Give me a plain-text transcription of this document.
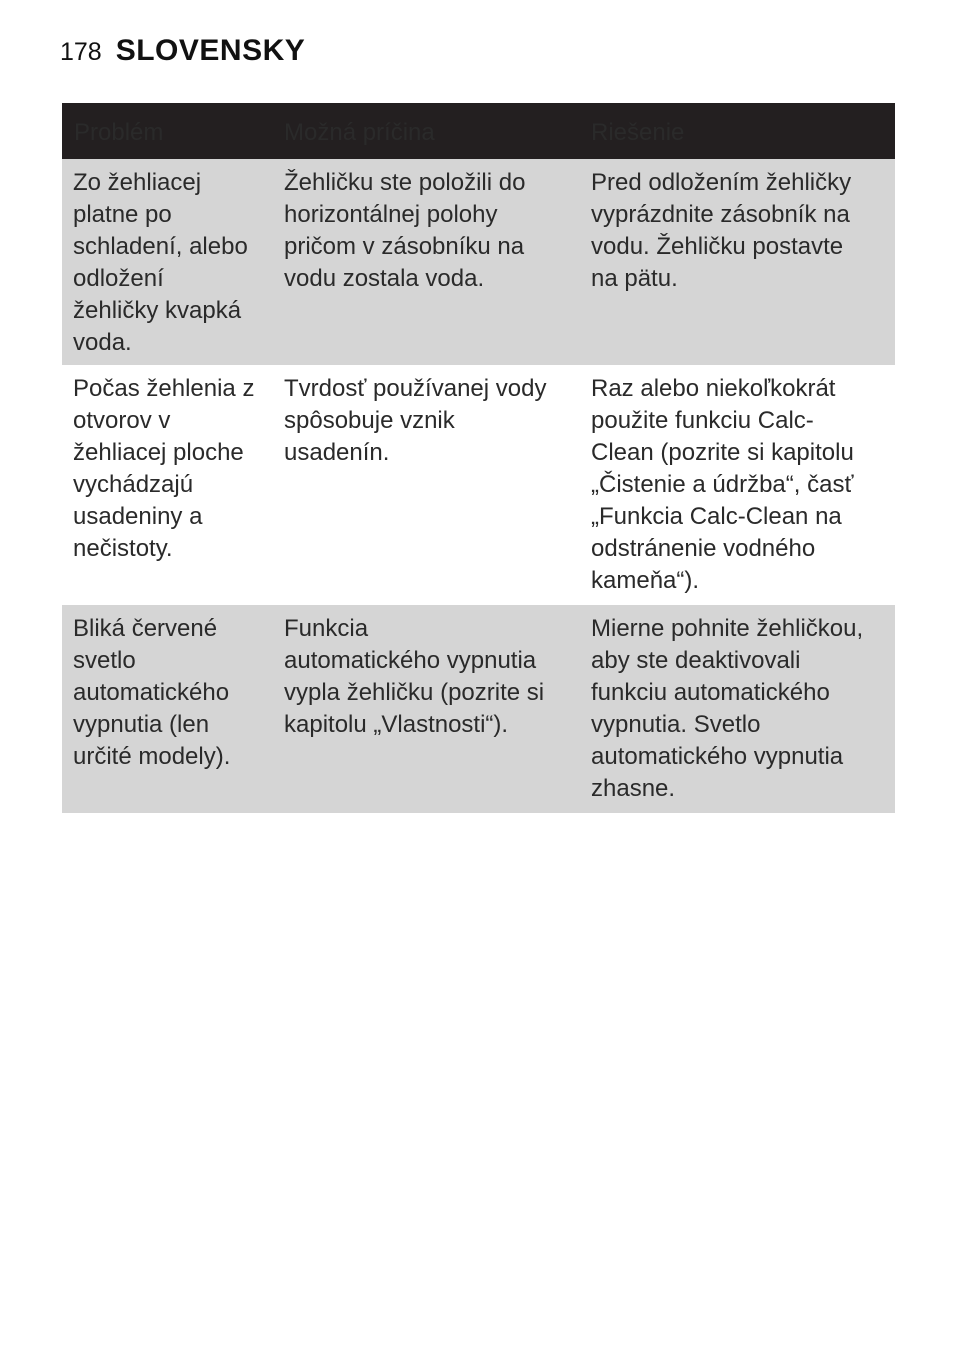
178 SLOVENSKY
Problém	Možná príčina	Riešenie
Zo žehliacej
platne po
schladení, alebo
odložení
žehličky kvapká
voda.
Žehličku ste položili do
horizontálnej polohy
pričom v zásobníku na
vodu zostala voda.
Pred odložením žehličky
vyprázdnite zásobník na
vodu. Žehličku postavte
na pätu.
Počas žehlenia z
otvorov v
žehliacej ploche
vychádzajú
usadeniny a
nečistoty.
Tvrdosť používanej vody
spôsobuje vznik
usadenín.
Raz alebo niekoľkokrát
použite funkciu Calc-
Clean (pozrite si kapitolu
„Čistenie a údržba“, časť
„Funkcia Calc-Clean na
odstránenie vodného
kameňa“).
Bliká červené
svetlo
automatického
vypnutia (len
určité modely).
Funkcia
automatického vypnutia
vypla žehličku (pozrite si
kapitolu „Vlastnosti“).
Mierne pohnite žehličkou,
aby ste deaktivovali
funkciu automatického
vypnutia. Svetlo
automatického vypnutia
zhasne.
